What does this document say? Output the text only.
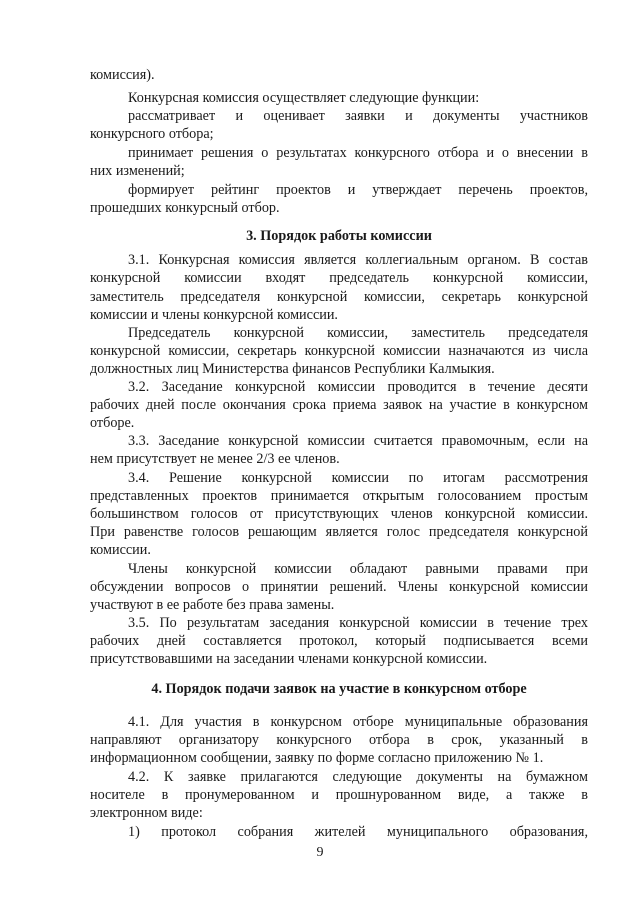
комиссия).
Конкурсная комиссия осуществляет следующие функции:
рассматривает и оценивает заявки и документы участников
конкурсного отбора;
принимает решения о результатах конкурсного отбора и о внесении в
них изменений;
формирует рейтинг проектов и утверждает перечень проектов,
прошедших конкурсный отбор.
3. Порядок работы комиссии
3.1. Конкурсная комиссия является коллегиальным органом. В состав
конкурсной комиссии входят председатель конкурсной комиссии,
заместитель председателя конкурсной комиссии, секретарь конкурсной
комиссии и члены конкурсной комиссии.
Председатель конкурсной комиссии, заместитель председателя
конкурсной комиссии, секретарь конкурсной комиссии назначаются из числа
должностных лиц Министерства финансов Республики Калмыкия.
3.2. Заседание конкурсной комиссии проводится в течение десяти
рабочих дней после окончания срока приема заявок на участие в конкурсном
отборе.
3.3. Заседание конкурсной комиссии считается правомочным, если на
нем присутствует не менее 2/3 ее членов.
3.4. Решение конкурсной комиссии по итогам рассмотрения
представленных проектов принимается открытым голосованием простым
большинством голосов от присутствующих членов конкурсной комиссии.
При равенстве голосов решающим является голос председателя конкурсной
комиссии.
Члены конкурсной комиссии обладают равными правами при
обсуждении вопросов о принятии решений. Члены конкурсной комиссии
участвуют в ее работе без права замены.
3.5. По результатам заседания конкурсной комиссии в течение трех
рабочих дней составляется протокол, который подписывается всеми
присутствовавшими на заседании членами конкурсной комиссии.
4. Порядок подачи заявок на участие в конкурсном отборе
4.1. Для участия в конкурсном отборе муниципальные образования
направляют организатору конкурсного отбора в срок, указанный в
информационном сообщении, заявку по форме согласно приложению № 1.
4.2. К заявке прилагаются следующие документы на бумажном
носителе в пронумерованном и прошнурованном виде, а также в
электронном виде:
1) протокол собрания жителей муниципального образования,
9
